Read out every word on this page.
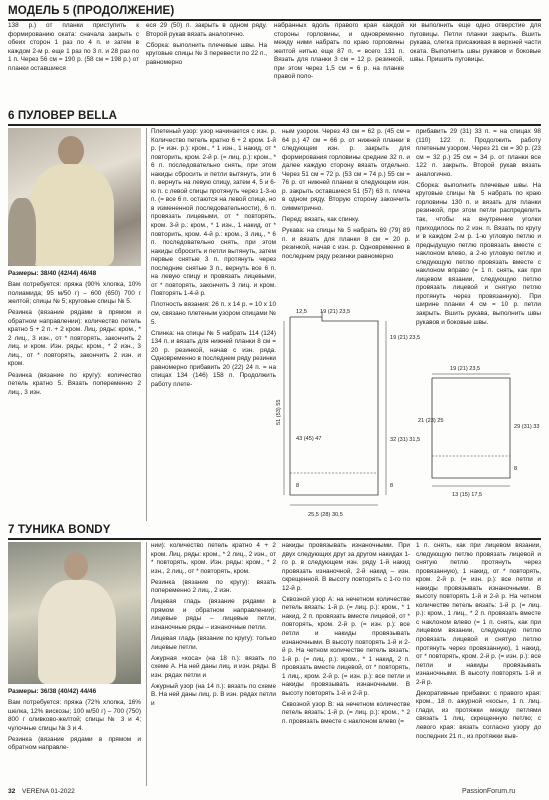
МОДЕЛЬ 5 (ПРОДОЛЖЕНИЕ)

138 р.) от планки приступить к формированию оката: сначала закрыть с обеих сторон 1 раз по 4 п. и затем в каждом 2-м р. еще 1 раз по 3 п. и 28 раз по 1 п. Через 56 см = 190 р. (58 см = 198 р.) от планки оставшиеся

еся 29 (50) п. закрыть в одном ряду. Второй рукав вязать аналогично.

Сборка: выполнить плечевые швы. На круговые спицы № 3 перевести по 22 п., равномерно

набранных вдоль правого края каждой стороны горловины, и одновременно между ними набрать по краю горловины желтой нитью еще 87 п. = всего 131 п. Вязать для планки 3 см = 12 р. резинкой, при этом через 1,5 см = 6 р. на планке правой поло-

ки выполнить еще одно отверстие для пуговицы. Петли планки закрыть. Вшить рукава, слегка присаживая в верхней части оката. Выполнить швы рукавов и боковые швы. Пришить пуговицы.

6 ПУЛОВЕР BELLA

Размеры: 38/40 (42/44) 46/48

Вам потребуется: пряжа (90% хлопка, 10% полиамида; 95 м/50 г) – 600 (650) 700 г желтой; спицы № 5; круговые спицы № 5.

Резинка (вязание рядами в прямом и обратном направлении): количество петель кратно 5 + 2 п. + 2 кром. Лиц. ряды: кром., * 2 лиц., 3 изн., от * повторять, закончить 2 лиц. и кром. Изн. ряды: кром., * 2 изн., 3 лиц., от * повторять, закончить 2 изн. и кром.

Резинка (вязание по кругу): количество петель кратно 5. Вязать попеременно 2 лиц., 3 изн.

Плетеный узор: узор начинается с изн. р. Количество петель кратно 6 + 2 кром. 1-й р. (= изн. р.): кром., * 1 изн., 1 накид, от * повторить, кром. 2-й р. (= лиц. р.): кром., * 6 п. последовательно снять, при этом накиды сбросить и петли вытянуть, эти 6 п. вернуть на левую спицу, затем 4, 5 и 6-ю п. с левой спицы протянуть через 1-3-ю п. (= все 6 п. остаются на левой спице, но в измененной последовательности), 6 п. провязать лицевыми, от * повторять, кром. 3-й р.: кром., * 1 изн., 1 накид, от * повторить, кром. 4-й р.: кром., 3 лиц., * 6 п. последовательно снять, при этом накиды сбросить и петли вытянуть, затем первые снятые 3 п. протянуть через последние снятые 3 п., вернуть все 6 п. на левую спицу и провязать лицевыми, от * повторять, закончить 3 лиц. и кром. Повторять 1-4-й р.

Плотность вязания: 26 п. x 14 р. = 10 x 10 см, связано плетеным узором спицами № 5.

Спинка: на спицы № 5 набрать 114 (124) 134 п. и вязать для нижней планки 8 см = 20 р. резинкой, начав с изн. ряда. Одновременно в последнем ряду резинки равномерно прибавить 20 (22) 24 п. = на спицах 134 (146) 158 п. Продолжить работу плете-

ным узором. Через 43 см = 62 р. (45 см = 64 р.) 47 см = 66 р. от нижней планки в следующем изн. р. закрыть для формирования горловины средние 32 п. и далее каждую сторону вязать отдельно. Через 51 см = 72 р. (53 см = 74 р.) 55 см = 76 р. от нижней планки в следующем изн. р. закрыть оставшиеся 51 (57) 63 п. плеча в одном ряду. Вторую сторону закончить симметрично.

Перед: вязать, как спинку.

Рукава: на спицы № 5 набрать 69 (79) 89 п. и вязать для планки 8 см = 20 р. резинкой, начав с изн. р. Одновременно в последнем ряду резинки равномерно

прибавить 29 (31) 33 п. = на спицах 98 (110) 122 п. Продолжить работу плетеным узором. Через 21 см = 30 р. (23 см = 32 р.) 25 см = 34 р. от планки все 122 п. закрыть. Второй рукав вязать аналогично.

Сборка: выполнить плечевые швы. На круговые спицы № 5 набрать по краю горловины 130 п. и вязать для планки резинкой, при этом петли распределить так, чтобы на внутренние уголки приходилось по 2 изн. п. Вязать по кругу и в каждом 2-м р. 1-ю угловую петлю и предыдущую петлю провязать вместе с наклоном влево, а 2-ю угловую петлю и следующую петлю провязать вместе с наклоном вправо (= 1 п. снять, как при лицевом вязании, следующую петлю провязать лицевой и снятую петлю протянуть через провязанную). При ширине планки 4 см = 10 р. петли закрыть. Вшить рукава, выполнить швы рукавов и боковые швы.

19 (21) 23,5
12,5
19 (21) 23,5
32 (31) 31,5
8
51 (53) 55
43 (45) 47
8
25,5 (28) 30,5
19 (21) 23,5
21 (23) 25
29 (31) 33
8
13 (15) 17,5
7 ТУНИКА BONDY

Размеры: 36/38 (40/42) 44/46

Вам потребуется: пряжа (72% хлопка, 16% шелка, 12% вискозы; 100 м/50 г) – 700 (750) 800 г оливково-желтой; спицы № 3 и 4; чулочные спицы № 3 и 4.

Резинка (вязание рядами в прямом и обратном направле-

нии): количество петель кратно 4 + 2 кром. Лиц. ряды: кром., * 2 лиц., 2 изн., от * повторять, кром. Изн. ряды: кром., * 2 изн., 2 лиц., от * повторять, кром.

Резинка (вязание по кругу): вязать попеременно 2 лиц., 2 изн.

Лицевая гладь (вязание рядами в прямом и обратном направлении): лицевые ряды – лицевые петли, изнаночные ряды – изнаночные петли.

Лицевая гладь (вязание по кругу): только лицевые петли.

Ажурная «коса» (на 18 п.): вязать по схеме А. На ней даны лиц. и изн. ряды. В изн. рядах петли и

Ажурный узор (на 14 п.): вязать по схеме В. На ней даны лиц. р. В изн. рядах петли и

накиды провязывать изнаночными. При двух следующих друг за другом накидах 1-го р. в следующем изн. ряду 1-й накид провязать изнаночной, 2-й накид – изн. скрещенной. В высоту повторять с 1-го по 12-й р.

Сквозной узор А: на нечетном количестве петель вязать: 1-й р. (= лиц. р.): кром., * 1 накид, 2 п. провязать вместе лицевой, от * повторять, кром. 2-й р. (= изн. р.): все петли и накиды провязывать изнаночными. В высоту повторять 1-й и 2-й р. На четном количестве петель вязать: 1-й р. (= лиц. р.): кром., * 1 накид, 2 п. провязать вместе лицевой, от * повторять, 1 лиц., кром. 2-й р. (= изн. р.): все петли и накиды провязывать изнаночными. В высоту повторять 1-й и 2-й р.

Сквозной узор В: на нечетном количестве петель вязать: 1-й р. (= лиц. р.): кром., * 2 п. провязать вместе с наклоном влево (=

1 п. снять, как при лицевом вязании, следующую петлю провязать лицевой и снятую петлю протянуть через провязанную), 1 накид, от * повторять, кром. 2-й р. (= изн. р.): все петли и накиды провязывать изнаночными. В высоту повторять 1-й и 2-й р. На четном количестве петель вязать: 1-й р. (= лиц. р.): кром., 1 лиц., * 2 п. провязать вместе с наклоном влево (= 1 п. снять, как при лицевом вязании, следующую петлю провязать лицевой и снятую петлю протянуть через провязанную), 1 накид, от * повторять, кром. 2-й р. (= изн. р.): все петли и накиды провязывать изнаночными. В высоту повторять 1-й и 2-й р.

Декоративные прибавки: с правого края: кром., 18 п. ажурной «косы», 1 п. лиц. глади, из протяжки между петлями связать 1 лиц. скрещенную петлю; с левого края: вязать согласно узору до последних 21 п., из протяжки выв-

32 VERENA 01-2022	PassionForum.ru
